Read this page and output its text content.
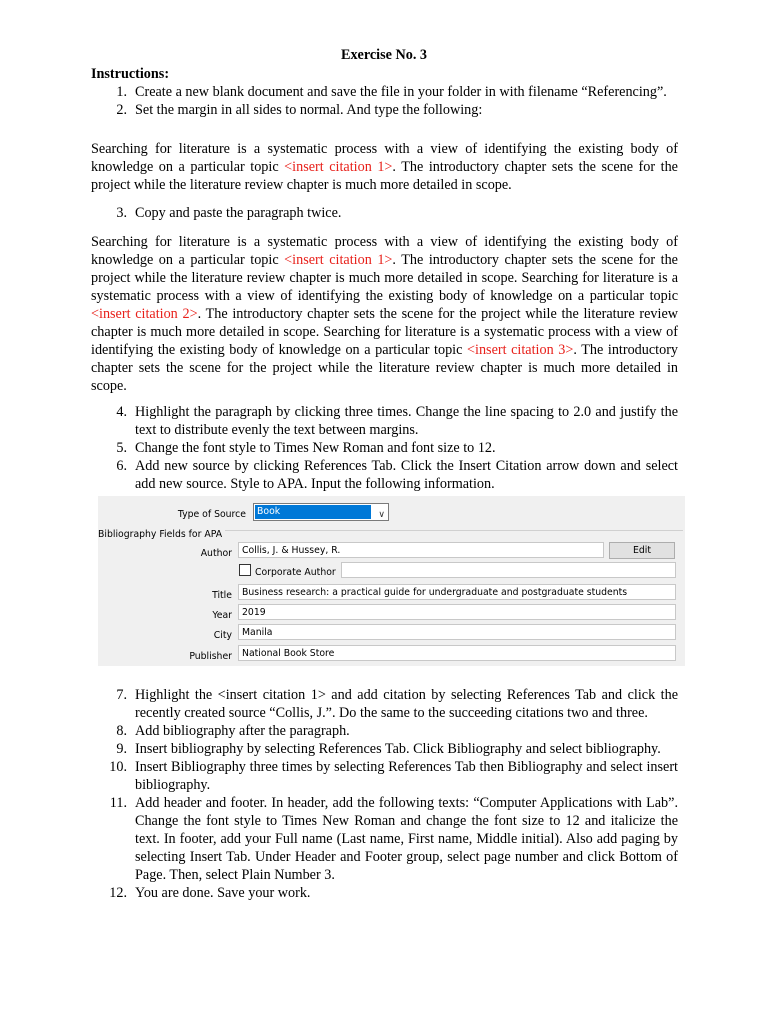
Exercise No. 3
Instructions:
1. Create a new blank document and save the file in your folder in with filename “Referencing”.
2. Set the margin in all sides to normal. And type the following:

Searching for literature is a systematic process with a view of identifying the existing body of knowledge on a particular topic <insert citation 1>. The introductory chapter sets the scene for the project while the literature review chapter is much more detailed in scope.

3. Copy and paste the paragraph twice.

Searching for literature is a systematic process with a view of identifying the existing body of knowledge on a particular topic <insert citation 1>. The introductory chapter sets the scene for the project while the literature review chapter is much more detailed in scope. Searching for literature is a systematic process with a view of identifying the existing body of knowledge on a particular topic <insert citation 2>. The introductory chapter sets the scene for the project while the literature review chapter is much more detailed in scope. Searching for literature is a systematic process with a view of identifying the existing body of knowledge on a particular topic <insert citation 3>. The introductory chapter sets the scene for the project while the literature review chapter is much more detailed in scope.

4. Highlight the paragraph by clicking three times. Change the line spacing to 2.0 and justify the text to distribute evenly the text between margins.
5. Change the font style to Times New Roman and font size to 12.
6. Add new source by clicking References Tab. Click the Insert Citation arrow down and select add new source. Style to APA. Input the following information.
Type of Source Book	∨
Bibliography Fields for APA
Author	Collis, J. & Hussey, R.	Edit
Corporate Author
Title	Business research: a practical guide for undergraduate and postgraduate students
Year	2019
City	Manila
Publisher	National Book Store
7. Highlight the <insert citation 1> and add citation by selecting References Tab and click the recently created source “Collis, J.”. Do the same to the succeeding citations two and three.
8. Add bibliography after the paragraph.
9. Insert bibliography by selecting References Tab. Click Bibliography and select bibliography.
10. Insert Bibliography three times by selecting References Tab then Bibliography and select insert bibliography.
11. Add header and footer. In header, add the following texts: “Computer Applications with Lab”. Change the font style to Times New Roman and change the font size to 12 and italicize the text. In footer, add your Full name (Last name, First name, Middle initial). Also add paging by selecting Insert Tab. Under Header and Footer group, select page number and click Bottom of Page. Then, select Plain Number 3.
12. You are done. Save your work.
